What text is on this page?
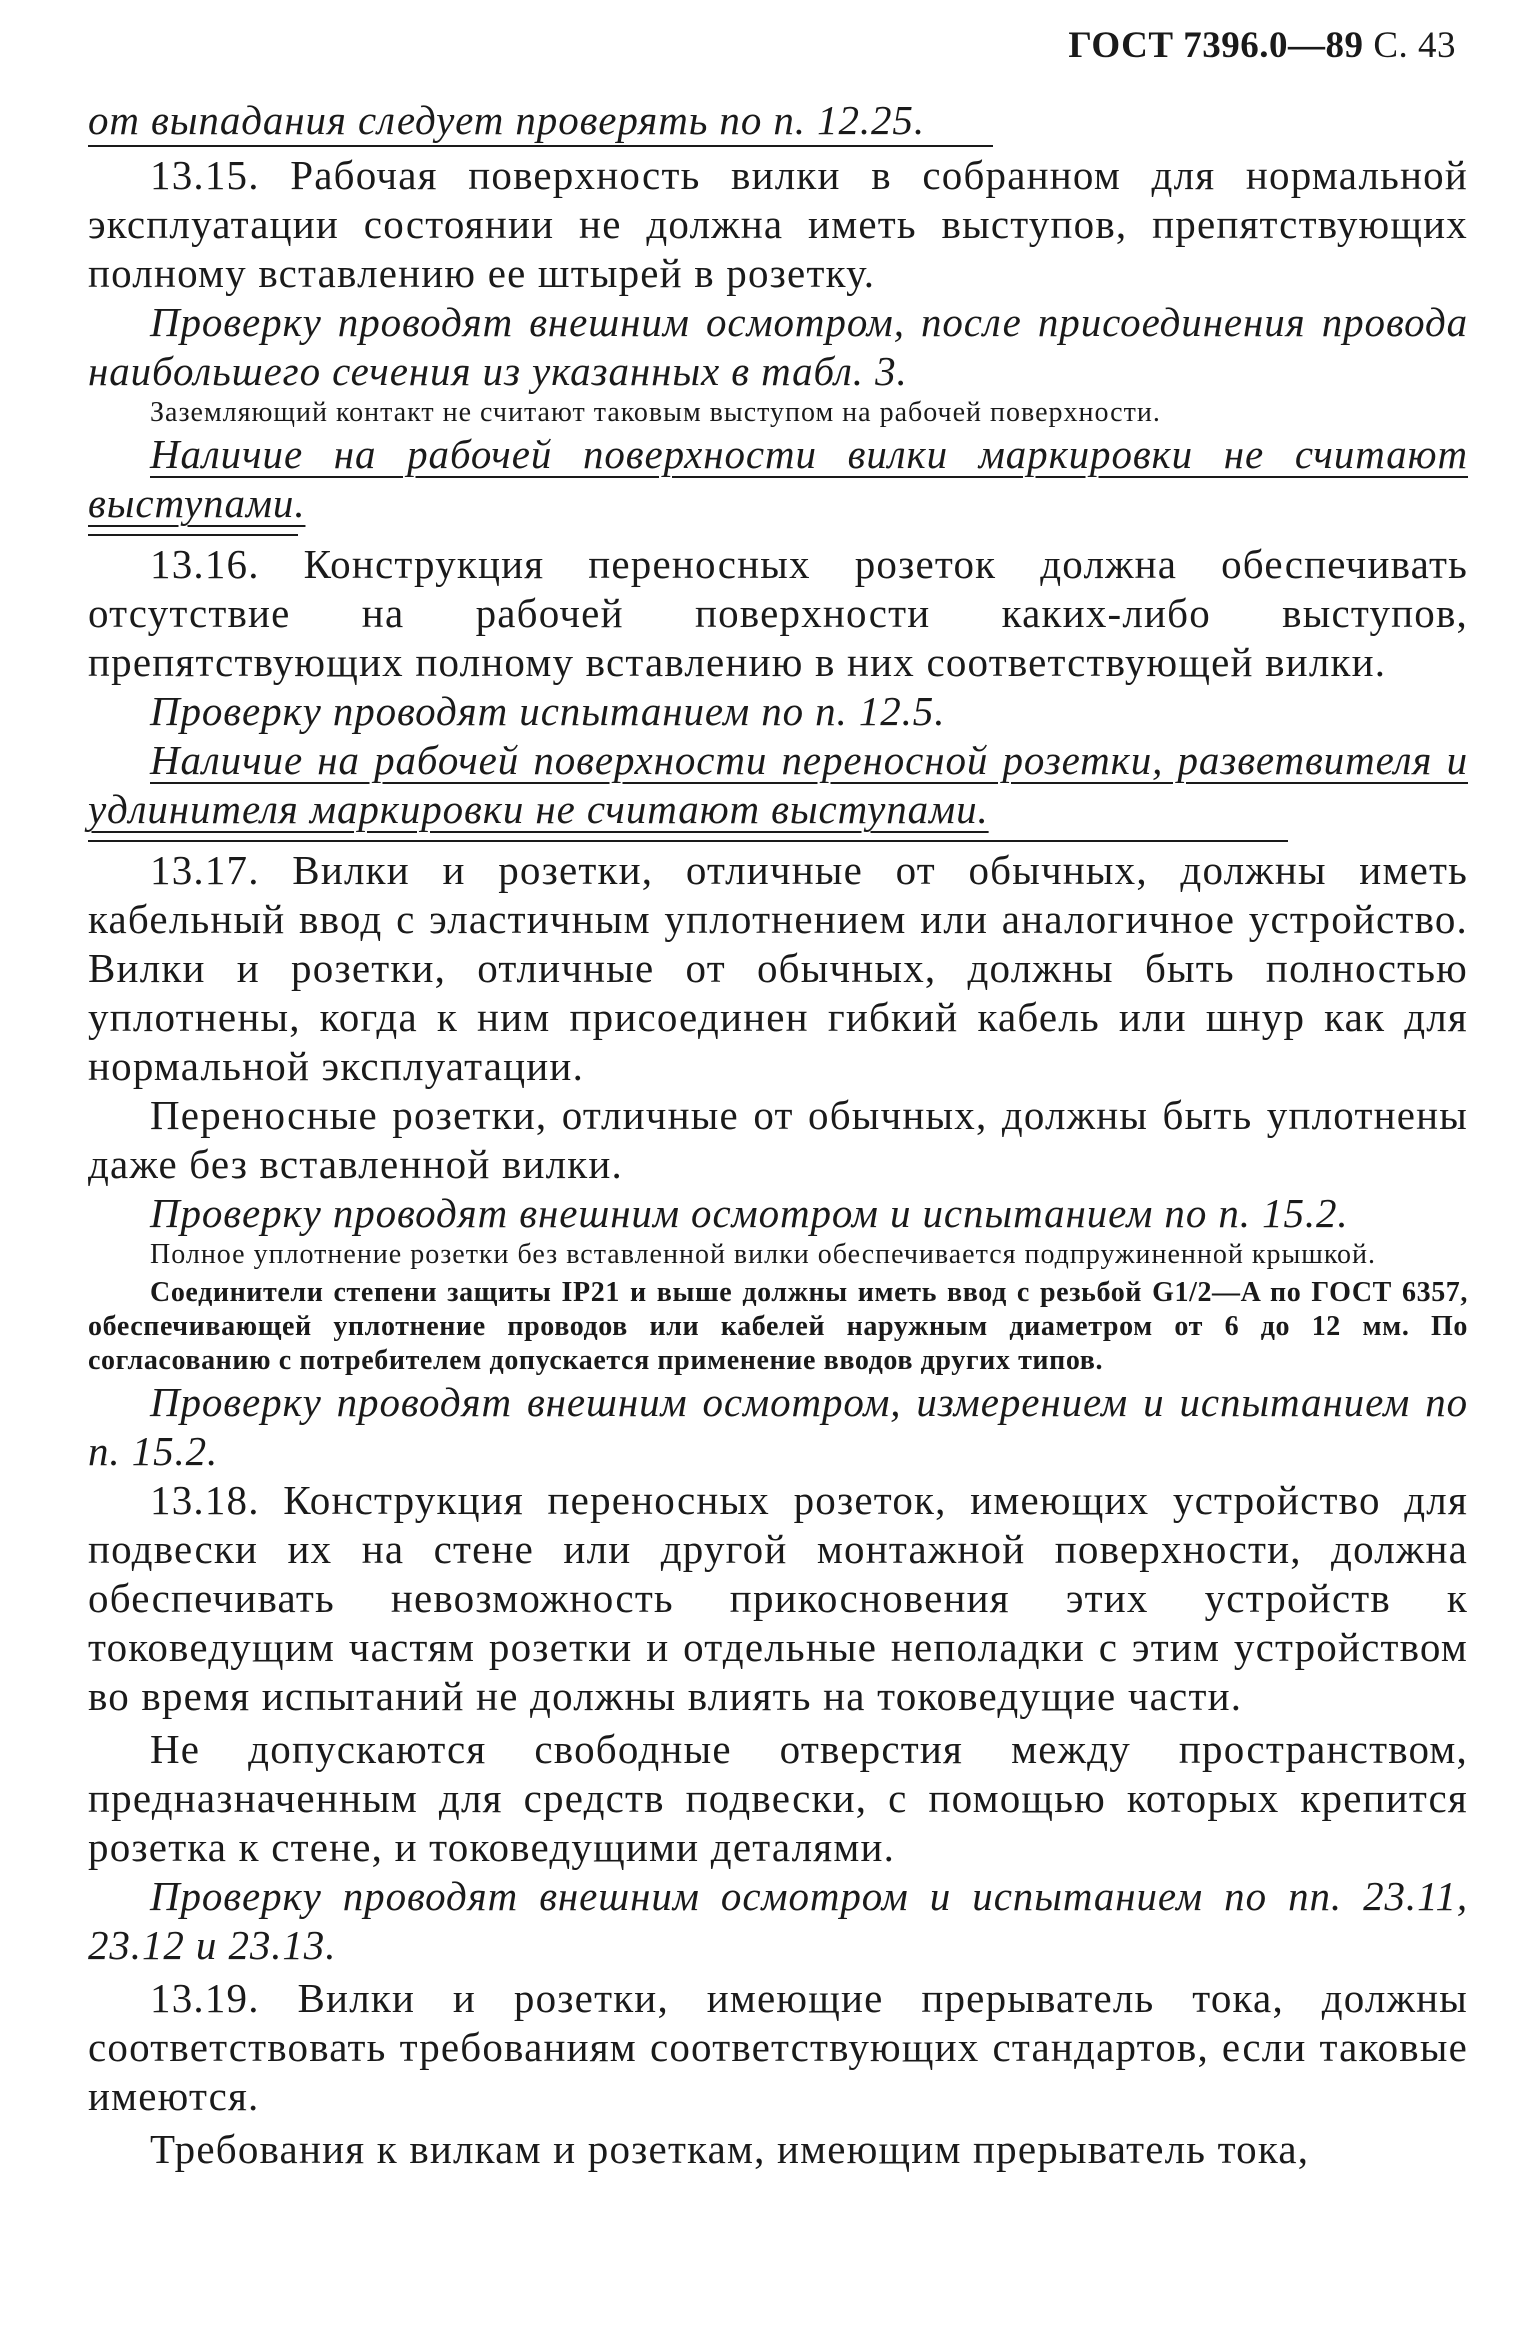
ГОСТ 7396.0—89 С. 43

от выпадания следует проверять по п. 12.25.

13.15. Рабочая поверхность вилки в собранном для нормальной эксплуатации состоянии не должна иметь выступов, препятствующих полному вставлению ее штырей в розетку.

Проверку проводят внешним осмотром, после присоединения провода наибольшего сечения из указанных в табл. 3.

Заземляющий контакт не считают таковым выступом на рабочей поверхности.

Наличие на рабочей поверхности вилки маркировки не считают выступами.

13.16. Конструкция переносных розеток должна обеспечивать отсутствие на рабочей поверхности каких-либо выступов, препятствующих полному вставлению в них соответствующей вилки.

Проверку проводят испытанием по п. 12.5.

Наличие на рабочей поверхности переносной розетки, разветвителя и удлинителя маркировки не считают выступами.

13.17. Вилки и розетки, отличные от обычных, должны иметь кабельный ввод с эластичным уплотнением или аналогичное устройство. Вилки и розетки, отличные от обычных, должны быть полностью уплотнены, когда к ним присоединен гибкий кабель или шнур как для нормальной эксплуатации.

Переносные розетки, отличные от обычных, должны быть уплотнены даже без вставленной вилки.

Проверку проводят внешним осмотром и испытанием по п. 15.2.

Полное уплотнение розетки без вставленной вилки обеспечивается подпружиненной крышкой.

Соединители степени защиты IP21 и выше должны иметь ввод с резьбой G1/2—A по ГОСТ 6357, обеспечивающей уплотнение проводов или кабелей наружным диаметром от 6 до 12 мм. По согласованию с потребителем допускается применение вводов других типов.

Проверку проводят внешним осмотром, измерением и испытанием по п. 15.2.

13.18. Конструкция переносных розеток, имеющих устройство для подвески их на стене или другой монтажной поверхности, должна обеспечивать невозможность прикосновения этих устройств к токоведущим частям розетки и отдельные неполадки с этим устройством во время испытаний не должны влиять на токоведущие части.

Не допускаются свободные отверстия между пространством, предназначенным для средств подвески, с помощью которых крепится розетка к стене, и токоведущими деталями.

Проверку проводят внешним осмотром и испытанием по пп. 23.11, 23.12 и 23.13.

13.19. Вилки и розетки, имеющие прерыватель тока, должны соответствовать требованиям соответствующих стандартов, если таковые имеются.

Требования к вилкам и розеткам, имеющим прерыватель тока,
